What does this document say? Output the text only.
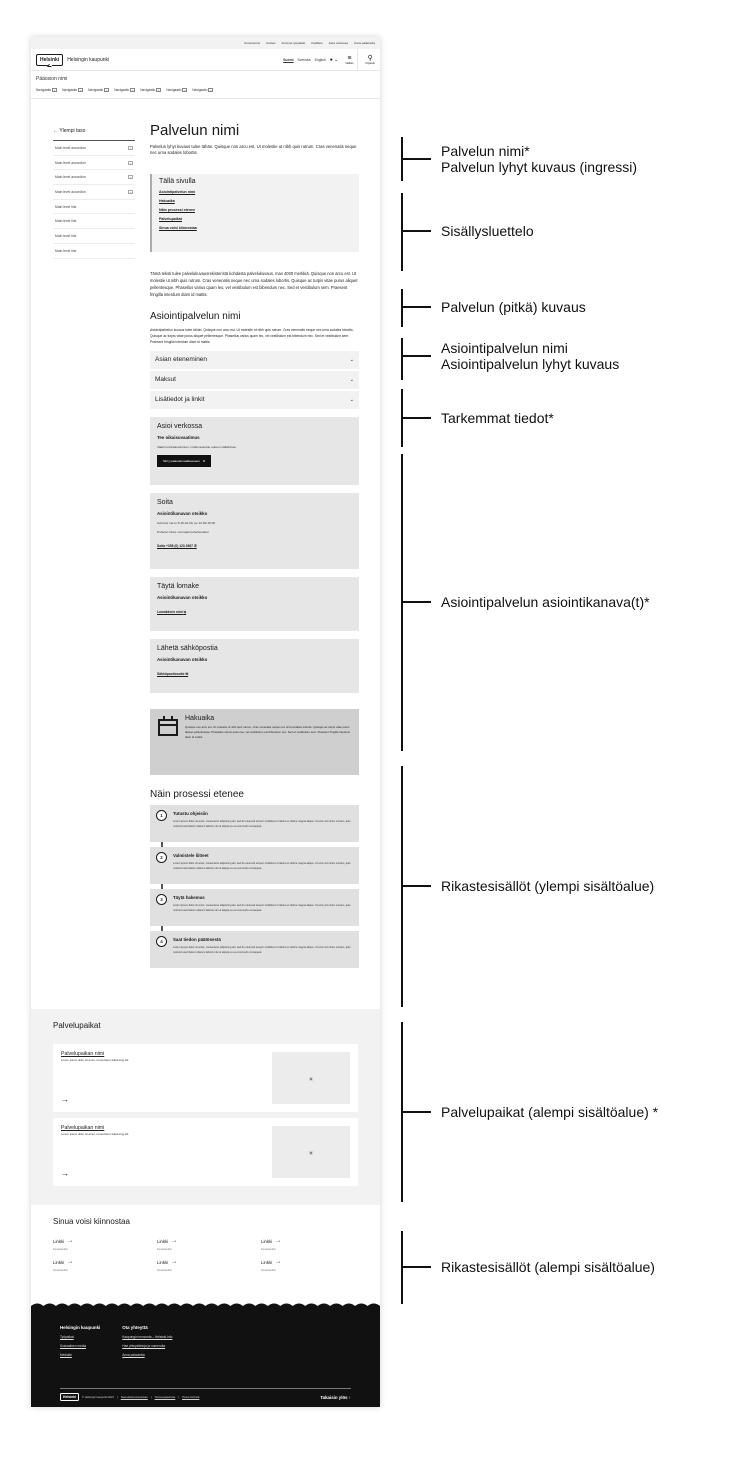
Koronavirus Uutiset Avoimet työpaikat Osallistu Asioi verkossa Anna palautetta
Helsinki	Helsingin kaupunki	Suomi Svenska English ● ⌄ ≡
Valikko
⚲
Kirjaudu
Pääosion nimi
Navigaatio ⌄	Navigaatio ⌄	Navigaatio ⌄	Navigaatio ⌄	Navigaatio ⌄	Navigaatio ⌄	Navigaatio ⌄
← Ylempi taso
Main level accordion	⌄
Main level accordion	⌄
Main level accordion	⌄
Main level accordion	⌄
Main level link
Main level link
Main level link
Main level link
Palvelun nimi

Palvelun lyhyt kuvaus tulee tähän. Quisque non arcu est. Ut molestie ut nibh quis rutrum. Cras venenatis neque nec urna sodales lobortis.

Tällä sivulla
Asiointipalvelun nimi
Hakuaika
Näin prosessi etenee
Palvelupaikat
Sinua voisi kiinnostaa

Tämä teksti tulee palvelukuvausrekisteristä kohdasta palvelukuvaus, max 4000 merkkiä. Quisque non arcu est. Ut molestie ut nibh quis rutrum. Cras venenatis neque nec urna sodales lobortis. Quisque ac turpis vitae purus aliquet pellentesque. Phasellus varius quam leo, vel vestibulum est bibendum nec. Sed et vestibulum sem. Praesent fringilla interdum diam id mattis.

Asiointipalvelun nimi

Asiointipalvelun kuvaus tulee tähän. Quisque non arcu est. Ut molestie ut nibh quis rutrum. Cras venenatis neque nec urna sodales lobortis. Quisque ac turpis vitae purus aliquet pellentesque. Phasellus varius quam leo, vel vestibulum est bibendum nec. Sed et vestibulum sem. Praesent fringilla interdum diam id mattis.

Asian eteneminen	⌄
Maksut	⌄
Lisätiedot ja linkit	⌄
Asioi verkossa
Tee oikaisuvaatimus
Vaatii tunnistautumisen. Linkki avautuu uuteen välilehteen.
Siirry palautelomakkeeseen ⧉
Soita
Asiointikanavan otsikko
Avoinna ma-to 8.15-16.00, pe 12.00-15.00
Puhelun hinta: normaali puhelumaksu
Soita +358 (0) 123 4567 ✆
Täytä lomake
Asiointikanavan otsikko
Lomakkeen nimi ⧉
Lähetä sähköpostia
Asiointikanavan otsikko
Sähköpostiosoite ✉
Hakuaika

Quisque non arcu est. Ut molestie ut nibh quis rutrum. Cras venenatis neque nec urna sodales lobortis. Quisque ac turpis vitae purus aliquet pellentesque. Phasellus varius quam leo, vel vestibulum est bibendum nec. Sed et vestibulum sem. Praesent fringilla interdum diam id mattis.

Näin prosessi etenee
1	Tutustu ohjeisiin

Lorem ipsum dolor sit amet, consectetur adipiscing elit, sed do eiusmod tempor incididunt ut labore et dolore magna aliqua. Ut enim ad minim veniam, quis nostrud exercitation ullamco laboris nisi ut aliquip ex ea commodo consequat.

2	Valmistele liitteet

Lorem ipsum dolor sit amet, consectetur adipiscing elit, sed do eiusmod tempor incididunt ut labore et dolore magna aliqua. Ut enim ad minim veniam, quis nostrud exercitation ullamco laboris nisi ut aliquip ex ea commodo consequat.

3	Täytä hakemus

Lorem ipsum dolor sit amet, consectetur adipiscing elit, sed do eiusmod tempor incididunt ut labore et dolore magna aliqua. Ut enim ad minim veniam, quis nostrud exercitation ullamco laboris nisi ut aliquip ex ea commodo consequat.

4	Saat tiedon päätösestä

Lorem ipsum dolor sit amet, consectetur adipiscing elit, sed do eiusmod tempor incididunt ut labore et dolore magna aliqua. Ut enim ad minim veniam, quis nostrud exercitation ullamco laboris nisi ut aliquip ex ea commodo consequat.

Palvelupaikat
Palvelupaikan nimi
Lorem ipsum dolor sit amet, consectetur adipiscing elit.
→
▣
Palvelupaikan nimi
Lorem ipsum dolor sit amet, consectetur adipiscing elit.
→
▣
Sinua voisi kiinnostaa
Linkki →
Kuvausteksti
Linkki →
Kuvausteksti
Linkki →
Kuvausteksti
Linkki →
Kuvausteksti
Linkki →
Kuvausteksti
Linkki →
Kuvausteksti
Helsingin kaupunki
Työpaikat
Sosiaalinen media
Medialle
Ota yhteyttä
Kaupungin neuvonta – Helsinki-info
Hae yhteystietoja ja numeroita
Anna palautetta
Helsinki	© Helsingin kaupunki 2021 | Saavutettavuusseloste | Tietosuojaseloste | Tietoa hel.fistä	Takaisin ylös ↑
Palvelun nimi*
Palvelun lyhyt kuvaus (ingressi)
Sisällysluettelo
Palvelun (pitkä) kuvaus
Asiointipalvelun nimi
Asiointipalvelun lyhyt kuvaus
Tarkemmat tiedot*
Asiointipalvelun asiointikanava(t)*
Rikastesisällöt (ylempi sisältöalue)
Palvelupaikat (alempi sisältöalue) *
Rikastesisällöt (alempi sisältöalue)
